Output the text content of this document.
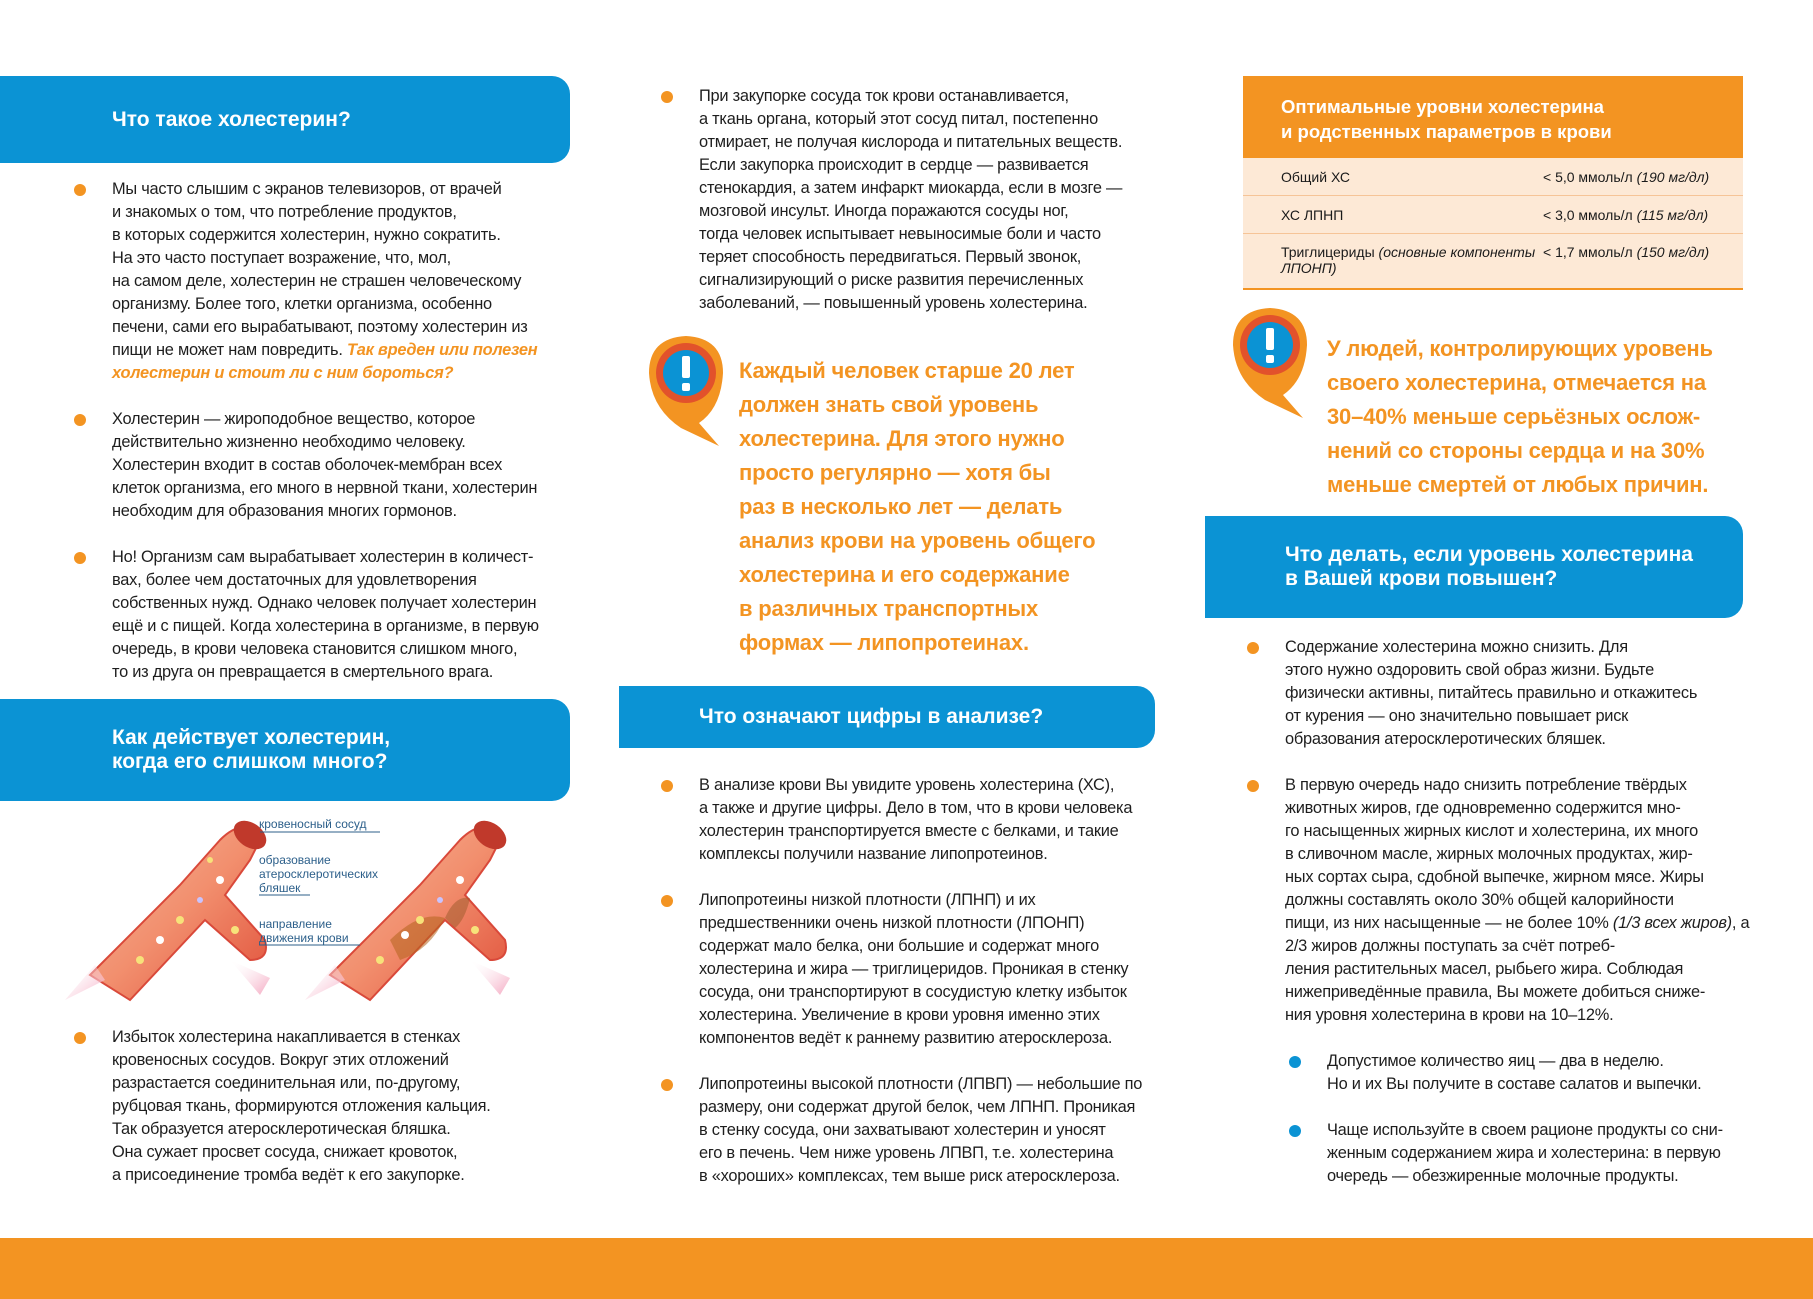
Что такое холестерин?

Мы часто слышим с экранов телевизоров, от врачей
и знакомых о том, что потребление продуктов,
в которых содержится холестерин, нужно сократить.
На это часто поступает возражение, что, мол,
на самом деле, холестерин не страшен человеческому
организму. Более того, клетки организма, особенно
печени, сами его вырабатывают, поэтому холестерин из
пищи не может нам повредить. Так вреден или полезен холестерин и стоит ли с ним бороться?

Холестерин — жироподобное вещество, которое
действительно жизненно необходимо человеку.
Холестерин входит в состав оболочек-мембран всех
клеток организма, его много в нервной ткани, холестерин
необходим для образования многих гормонов.

Но! Организм сам вырабатывает холестерин в количест-
вах, более чем достаточных для удовлетворения
собственных нужд. Однако человек получает холестерин
ещё и с пищей. Когда холестерина в организме, в первую
очередь, в крови человека становится слишком много,
то из друга он превращается в смертельного врага.

Как действует холестерин,
когда его слишком много?
кровеносный сосуд
образование
атеросклеротических
бляшек
направление
движения крови

Избыток холестерина накапливается в стенках
кровеносных сосудов. Вокруг этих отложений
разрастается соединительная или, по-другому,
рубцовая ткань, формируются отложения кальция.
Так образуется атеросклеротическая бляшка.
Она сужает просвет сосуда, снижает кровоток,
а присоединение тромба ведёт к его закупорке.

При закупорке сосуда ток крови останавливается,
а ткань органа, который этот сосуд питал, постепенно
отмирает, не получая кислорода и питательных веществ.
Если закупорка происходит в сердце — развивается
стенокардия, а затем инфаркт миокарда, если в мозге —
мозговой инсульт. Иногда поражаются сосуды ног,
тогда человек испытывает невыносимые боли и часто
теряет способность передвигаться. Первый звонок,
сигнализирующий о риске развития перечисленных
заболеваний, — повышенный уровень холестерина.

Каждый человек старше 20 лет
должен знать свой уровень
холестерина. Для этого нужно
просто регулярно — хотя бы
раз в несколько лет — делать
анализ крови на уровень общего
холестерина и его содержание
в различных транспортных
формах — липопротеинах.
Что означают цифры в анализе?

В анализе крови Вы увидите уровень холестерина (ХС),
а также и другие цифры. Дело в том, что в крови человека
холестерин транспортируется вместе с белками, и такие
комплексы получили название липопротеинов.

Липопротеины низкой плотности (ЛПНП) и их
предшественники очень низкой плотности (ЛПОНП)
содержат мало белка, они большие и содержат много
холестерина и жира — триглицеридов. Проникая в стенку
сосуда, они транспортируют в сосудистую клетку избыток
холестерина. Увеличение в крови уровня именно этих
компонентов ведёт к раннему развитию атеросклероза.

Липопротеины высокой плотности (ЛПВП) — небольшие по
размеру, они содержат другой белок, чем ЛПНП. Проникая
в стенку сосуда, они захватывают холестерин и уносят
его в печень. Чем ниже уровень ЛПВП, т.е. холестерина
в «хороших» комплексах, тем выше риск атеросклероза.

Оптимальные уровни холестерина
и родственных параметров в крови
Общий ХС	< 5,0 ммоль/л (190 мг/дл)
ХС ЛПНП	< 3,0 ммоль/л (115 мг/дл)
Триглицериды (основные компоненты ЛПОНП)
< 1,7 ммоль/л (150 мг/дл)
У людей, контролирующих уровень
своего холестерина, отмечается на
30–40% меньше серьёзных ослож-
нений со стороны сердца и на 30%
меньше смертей от любых причин.
Что делать, если уровень холестерина
в Вашей крови повышен?

Содержание холестерина можно снизить. Для
этого нужно оздоровить свой образ жизни. Будьте
физически активны, питайтесь правильно и откажитесь
от курения — оно значительно повышает риск
образования атеросклеротических бляшек.

В первую очередь надо снизить потребление твёрдых
животных жиров, где одновременно содержится мно-
го насыщенных жирных кислот и холестерина, их много
в сливочном масле, жирных молочных продуктах, жир-
ных сортах сыра, сдобной выпечке, жирном мясе. Жиры
должны составлять около 30% общей калорийности
пищи, из них насыщенные — не более 10% (1/3 всех жиров), а 2/3 жиров должны поступать за счёт потреб-
ления растительных масел, рыбьего жира. Соблюдая
нижеприведённые правила, Вы можете добиться сниже-
ния уровня холестерина в крови на 10–12%.

Допустимое количество яиц — два в неделю.
Но и их Вы получите в составе салатов и выпечки.

Чаще используйте в своем рационе продукты со сни-
женным содержанием жира и холестерина: в первую
очередь — обезжиренные молочные продукты.
